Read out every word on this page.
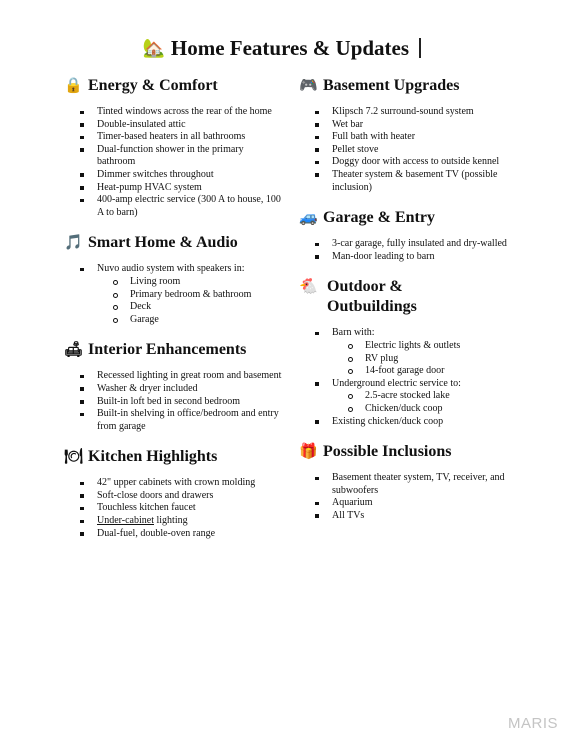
🏡 Home Features & Updates
🔒 Energy & Comfort
Tinted windows across the rear of the home
Double-insulated attic
Timer-based heaters in all bathrooms
Dual-function shower in the primary bathroom
Dimmer switches throughout
Heat-pump HVAC system
400-amp electric service (300 A to house, 100 A to barn)
🎵 Smart Home & Audio
Nuvo audio system with speakers in:
Living room
Primary bedroom & bathroom
Deck
Garage
🛋 Interior Enhancements
Recessed lighting in great room and basement
Washer & dryer included
Built-in loft bed in second bedroom
Built-in shelving in office/bedroom and entry from garage
🍽 Kitchen Highlights
42" upper cabinets with crown molding
Soft-close doors and drawers
Touchless kitchen faucet
Under-cabinet lighting
Dual-fuel, double-oven range
🎮 Basement Upgrades
Klipsch 7.2 surround-sound system
Wet bar
Full bath with heater
Pellet stove
Doggy door with access to outside kennel
Theater system & basement TV (possible inclusion)
🚙 Garage & Entry
3-car garage, fully insulated and dry-walled
Man-door leading to barn
🐔 Outdoor & Outbuildings
Barn with:
Electric lights & outlets
RV plug
14-foot garage door
Underground electric service to:
2.5-acre stocked lake
Chicken/duck coop
Existing chicken/duck coop
🎁 Possible Inclusions
Basement theater system, TV, receiver, and subwoofers
Aquarium
All TVs
MARIS
